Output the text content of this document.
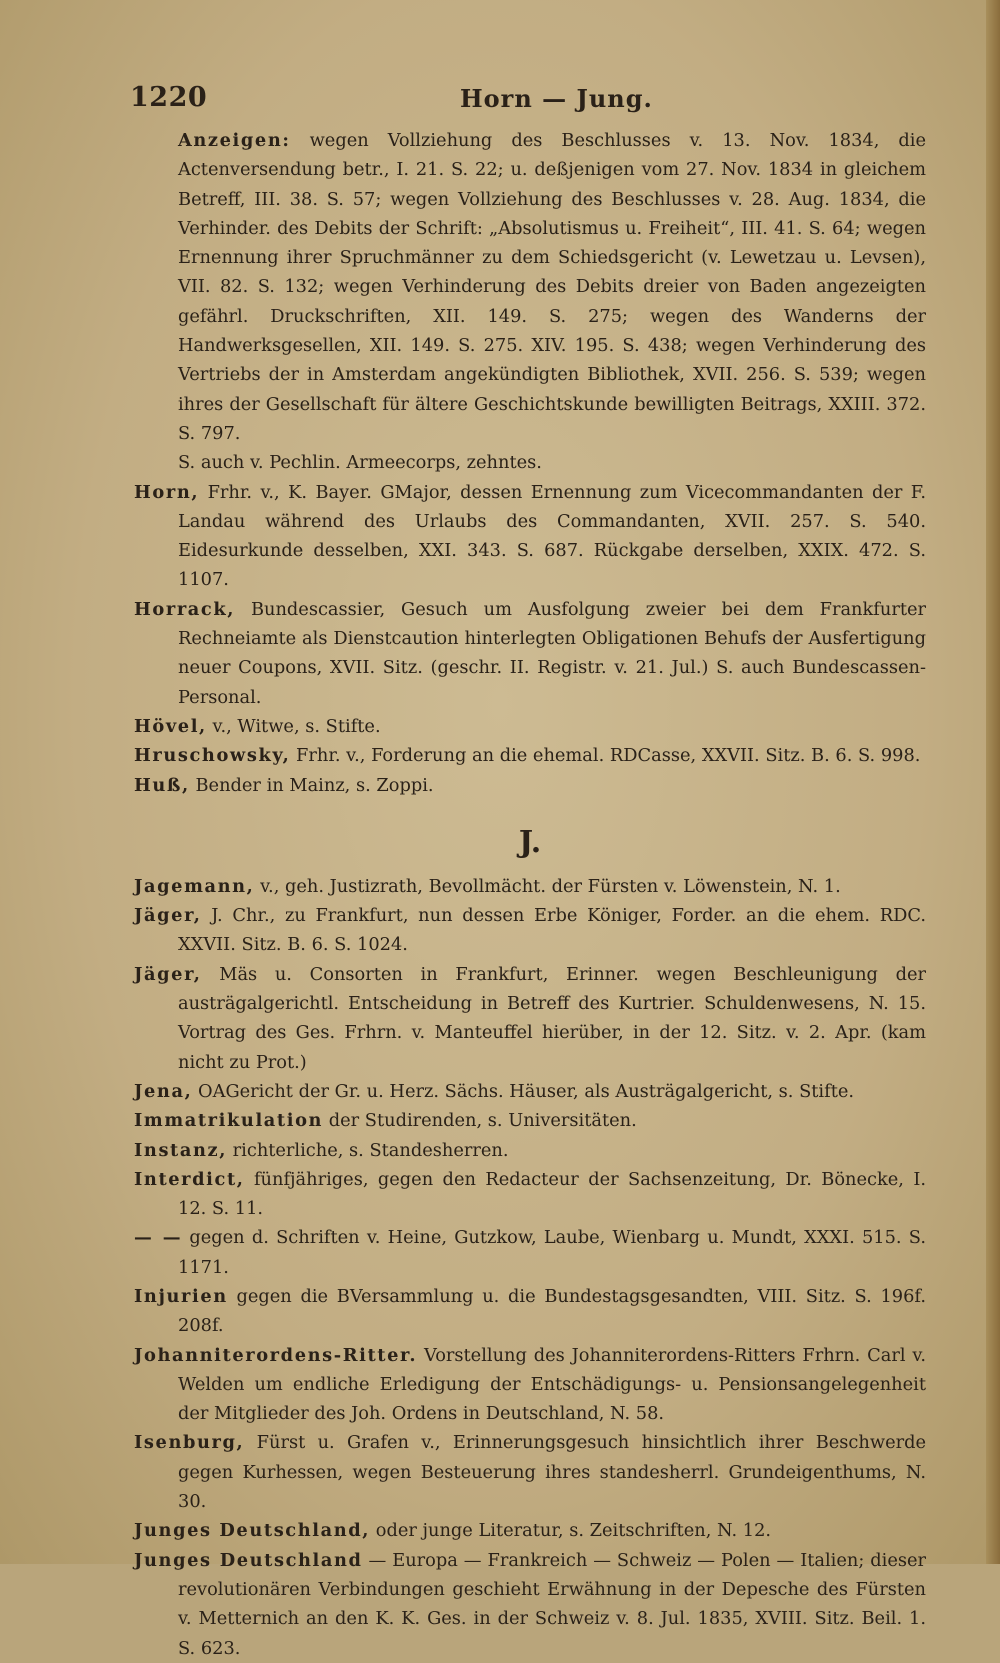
1220	Horn — Jung.

Anzeigen: wegen Vollziehung des Beschlusses v. 13. Nov. 1834, die Actenversendung betr., I. 21. S. 22; u. deßjenigen vom 27. Nov. 1834 in gleichem Betreff, III. 38. S. 57; wegen Vollziehung des Beschlusses v. 28. Aug. 1834, die Verhinder. des Debits der Schrift: „Absolutismus u. Freiheit“, III. 41. S. 64; wegen Ernennung ihrer Spruchmänner zu dem Schiedsgericht (v. Lewetzau u. Levsen), VII. 82. S. 132; wegen Verhinderung des Debits dreier von Baden angezeigten gefährl. Druckschriften, XII. 149. S. 275; wegen des Wanderns der Handwerksgesellen, XII. 149. S. 275. XIV. 195. S. 438; wegen Verhinderung des Vertriebs der in Amsterdam angekündigten Bibliothek, XVII. 256. S. 539; wegen ihres der Gesellschaft für ältere Geschichtskunde bewilligten Beitrags, XXIII. 372. S. 797.

S. auch v. Pechlin. Armeecorps, zehntes.

Horn, Frhr. v., K. Bayer. GMajor, dessen Ernennung zum Vicecommandanten der F. Landau während des Urlaubs des Commandanten, XVII. 257. S. 540. Eidesurkunde desselben, XXI. 343. S. 687. Rückgabe derselben, XXIX. 472. S. 1107.

Horrack, Bundescassier, Gesuch um Ausfolgung zweier bei dem Frankfurter Rechneiamte als Dienstcaution hinterlegten Obligationen Behufs der Ausfertigung neuer Coupons, XVII. Sitz. (geschr. II. Registr. v. 21. Jul.) S. auch Bundescassen-Personal.

Hövel, v., Witwe, s. Stifte.

Hruschowsky, Frhr. v., Forderung an die ehemal. RDCasse, XXVII. Sitz. B. 6. S. 998.

Huß, Bender in Mainz, s. Zoppi.

J.

Jagemann, v., geh. Justizrath, Bevollmächt. der Fürsten v. Löwenstein, N. 1.

Jäger, J. Chr., zu Frankfurt, nun dessen Erbe Königer, Forder. an die ehem. RDC. XXVII. Sitz. B. 6. S. 1024.

Jäger, Mäs u. Consorten in Frankfurt, Erinner. wegen Beschleunigung der austrägalgerichtl. Entscheidung in Betreff des Kurtrier. Schuldenwesens, N. 15. Vortrag des Ges. Frhrn. v. Manteuffel hierüber, in der 12. Sitz. v. 2. Apr. (kam nicht zu Prot.)

Jena, OAGericht der Gr. u. Herz. Sächs. Häuser, als Austrägalgericht, s. Stifte.

Immatrikulation der Studirenden, s. Universitäten.

Instanz, richterliche, s. Standesherren.

Interdict, fünfjähriges, gegen den Redacteur der Sachsenzeitung, Dr. Bönecke, I. 12. S. 11.

— — gegen d. Schriften v. Heine, Gutzkow, Laube, Wienbarg u. Mundt, XXXI. 515. S. 1171.

Injurien gegen die BVersammlung u. die Bundestagsgesandten, VIII. Sitz. S. 196f. 208f.

Johanniterordens-Ritter. Vorstellung des Johanniterordens-Ritters Frhrn. Carl v. Welden um endliche Erledigung der Entschädigungs- u. Pensionsangelegenheit der Mitglieder des Joh. Ordens in Deutschland, N. 58.

Isenburg, Fürst u. Grafen v., Erinnerungsgesuch hinsichtlich ihrer Beschwerde gegen Kurhessen, wegen Besteuerung ihres standesherrl. Grundeigenthums, N. 30.

Junges Deutschland, oder junge Literatur, s. Zeitschriften, N. 12.

Junges Deutschland — Europa — Frankreich — Schweiz — Polen — Italien; dieser revolutionären Verbindungen geschieht Erwähnung in der Depesche des Fürsten v. Metternich an den K. K. Ges. in der Schweiz v. 8. Jul. 1835, XVIII. Sitz. Beil. 1. S. 623.
